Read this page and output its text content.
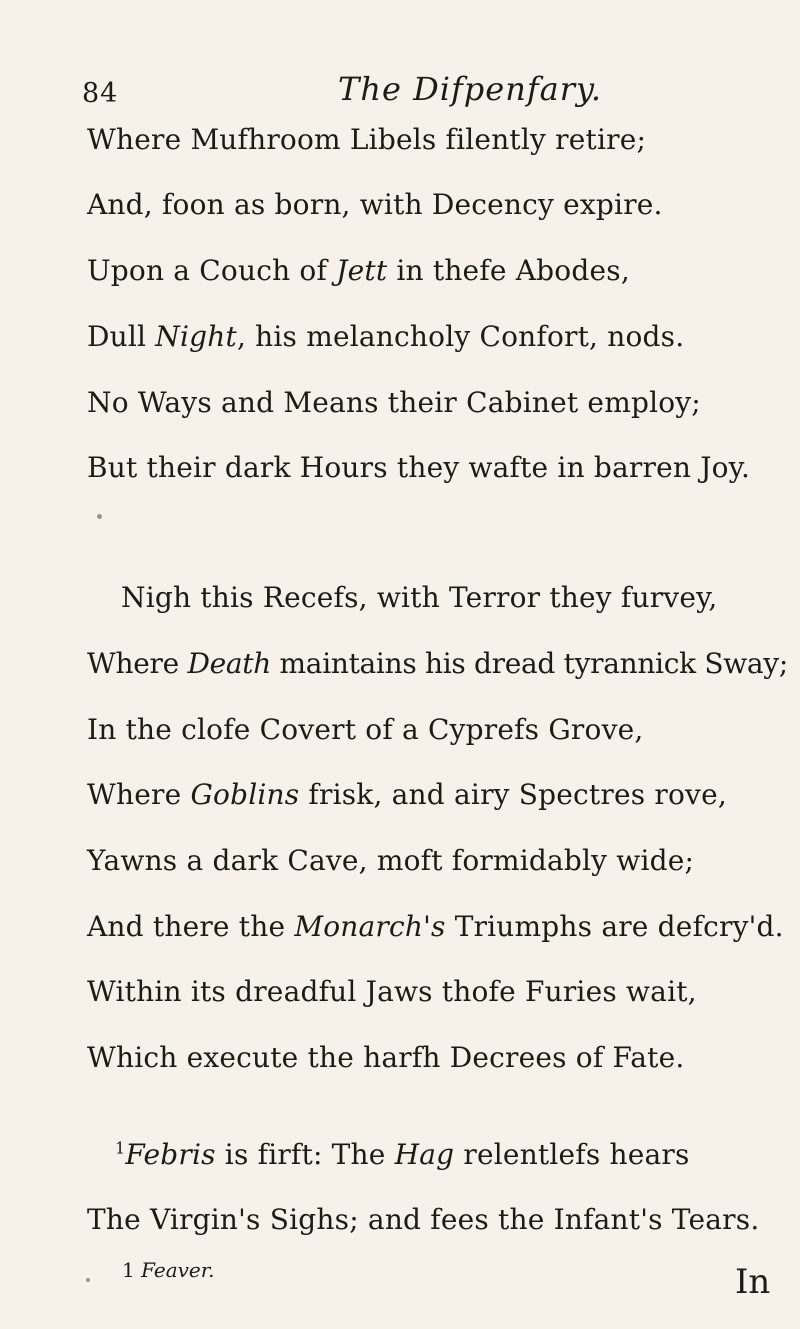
84	The Difpenfary.
Where Mufhroom Libels filently retire;
And, foon as born, with Decency expire.
Upon a Couch of Jett in thefe Abodes,
Dull Night, his melancholy Confort, nods.
No Ways and Means their Cabinet employ;
But their dark Hours they wafte in barren Joy.
Nigh this Recefs, with Terror they furvey,
Where Death maintains his dread tyrannick Sway;
In the clofe Covert of a Cyprefs Grove,
Where Goblins frisk, and airy Spectres rove,
Yawns a dark Cave, moft formidably wide;
And there the Monarch's Triumphs are defcry'd.
Within its dreadful Jaws thofe Furies wait,
Which execute the harfh Decrees of Fate.
$^1$Febris is firft: The Hag relentlefs hears
The Virgin's Sighs; and fees the Infant's Tears.
1 Feaver.	In
